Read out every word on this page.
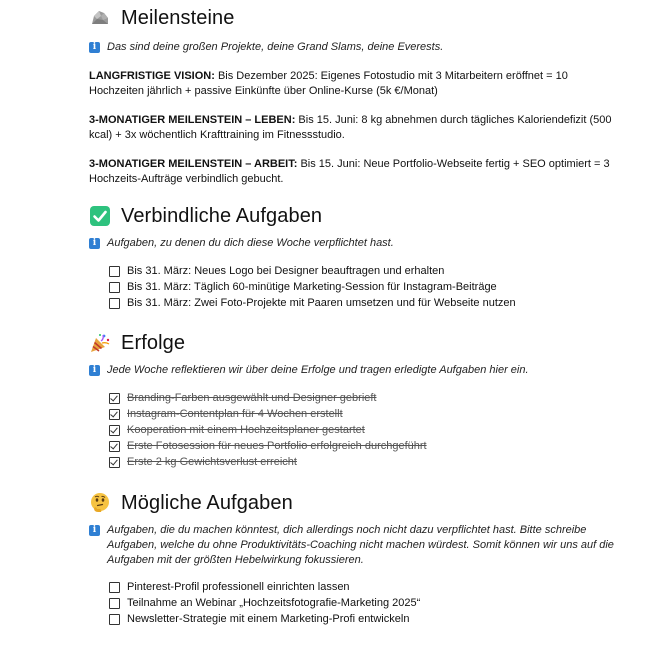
Meilensteine
i Das sind deine großen Projekte, deine Grand Slams, deine Everests.
LANGFRISTIGE VISION: Bis Dezember 2025: Eigenes Fotostudio mit 3 Mitarbeitern eröffnet = 10 Hochzeiten jährlich + passive Einkünfte über Online-Kurse (5k €/Monat)
3-MONATIGER MEILENSTEIN – LEBEN: Bis 15. Juni: 8 kg abnehmen durch tägliches Kaloriendefizit (500 kcal) + 3x wöchentlich Krafttraining im Fitnessstudio.
3-MONATIGER MEILENSTEIN – ARBEIT: Bis 15. Juni: Neue Portfolio-Webseite fertig + SEO optimiert = 3 Hochzeits-Aufträge verbindlich gebucht.
Verbindliche Aufgaben
i Aufgaben, zu denen du dich diese Woche verpflichtet hast.
Bis 31. März: Neues Logo bei Designer beauftragen und erhalten
Bis 31. März: Täglich 60-minütige Marketing-Session für Instagram-Beiträge
Bis 31. März: Zwei Foto-Projekte mit Paaren umsetzen und für Webseite nutzen
Erfolge
i Jede Woche reflektieren wir über deine Erfolge und tragen erledigte Aufgaben hier ein.
Branding-Farben ausgewählt und Designer gebrieft
Instagram-Contentplan für 4 Wochen erstellt
Kooperation mit einem Hochzeitsplaner gestartet
Erste Fotosession für neues Portfolio erfolgreich durchgeführt
Erste 2 kg Gewichtsverlust erreicht
Mögliche Aufgaben
i Aufgaben, die du machen könntest, dich allerdings noch nicht dazu verpflichtet hast. Bitte schreibe Aufgaben, welche du ohne Produktivitäts-Coaching nicht machen würdest. Somit können wir uns auf die Aufgaben mit der größten Hebelwirkung fokussieren.
Pinterest-Profil professionell einrichten lassen
Teilnahme an Webinar „Hochzeitsfotografie-Marketing 2025“
Newsletter-Strategie mit einem Marketing-Profi entwickeln
